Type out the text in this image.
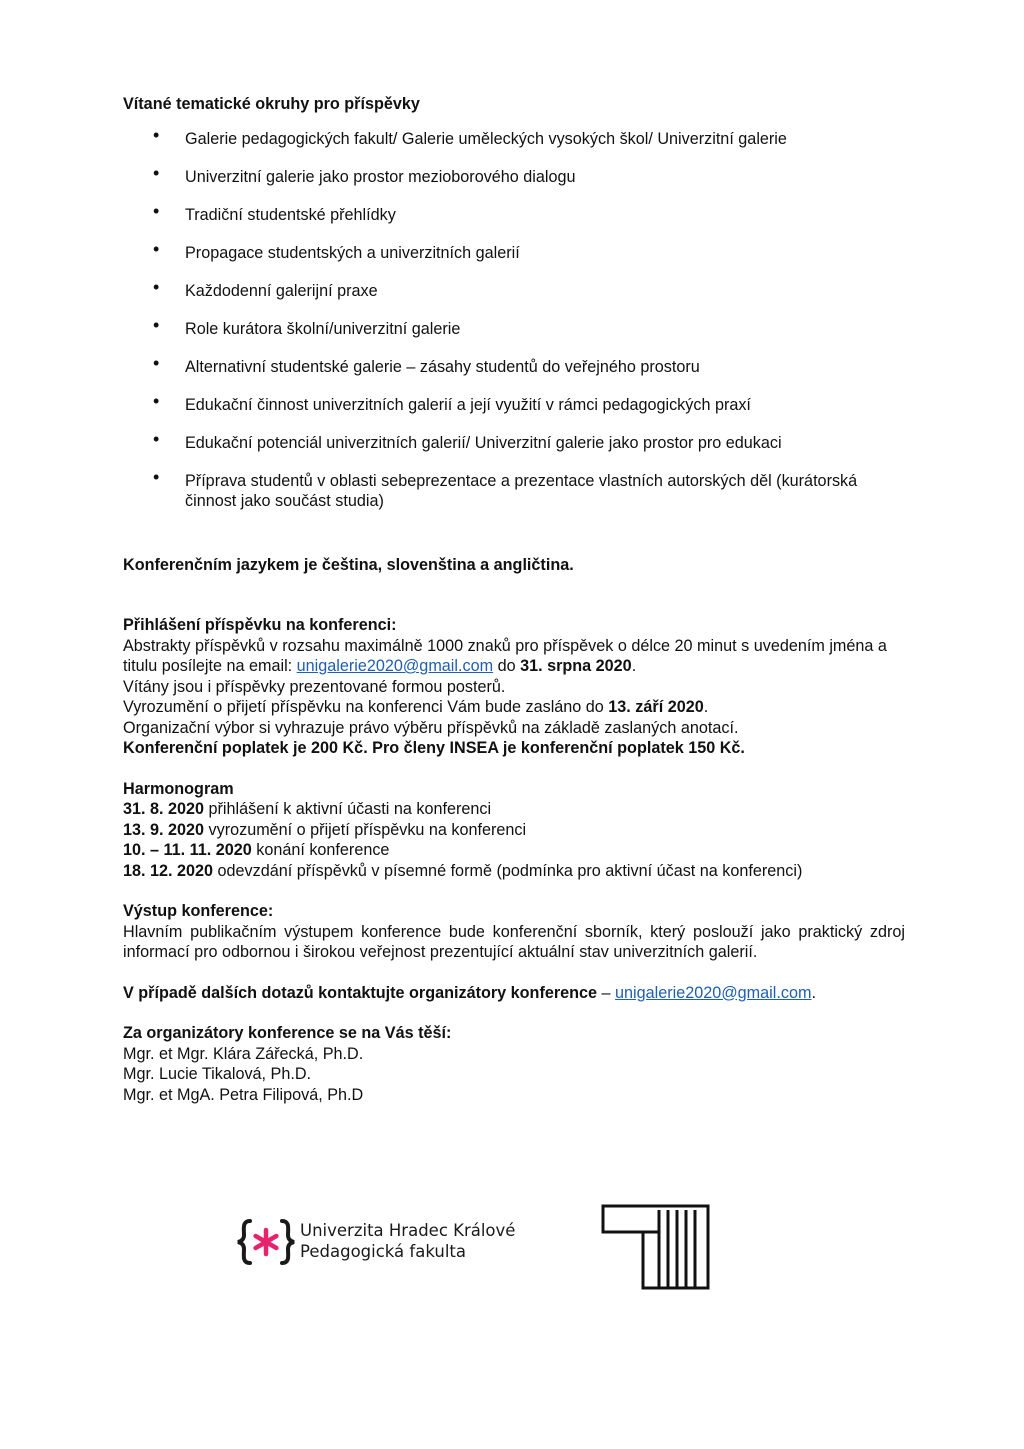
Vítané tematické okruhy pro příspěvky

• Galerie pedagogických fakult/ Galerie uměleckých vysokých škol/ Univerzitní galerie
• Univerzitní galerie jako prostor mezioborového dialogu
• Tradiční studentské přehlídky
• Propagace studentských a univerzitních galerií
• Každodenní galerijní praxe
• Role kurátora školní/univerzitní galerie
• Alternativní studentské galerie – zásahy studentů do veřejného prostoru
• Edukační činnost univerzitních galerií a její využití v rámci pedagogických praxí
• Edukační potenciál univerzitních galerií/ Univerzitní galerie jako prostor pro edukaci
• Příprava studentů v oblasti sebeprezentace a prezentace vlastních autorských děl (kurátorská činnost jako součást studia)

Konferenčním jazykem je čeština, slovenština a angličtina.

Přihlášení příspěvku na konferenci:

Abstrakty příspěvků v rozsahu maximálně 1000 znaků pro příspěvek o délce 20 minut s uvedením jména a titulu posílejte na email: unigalerie2020@gmail.com do 31. srpna 2020.

Vítány jsou i příspěvky prezentované formou posterů.

Vyrozumění o přijetí příspěvku na konferenci Vám bude zasláno do 13. září 2020.

Organizační výbor si vyhrazuje právo výběru příspěvků na základě zaslaných anotací.

Konferenční poplatek je 200 Kč. Pro členy INSEA je konferenční poplatek 150 Kč.

Harmonogram

31. 8. 2020 přihlášení k aktivní účasti na konferenci

13. 9. 2020 vyrozumění o přijetí příspěvku na konferenci

10. – 11. 11. 2020 konání konference

18. 12. 2020 odevzdání příspěvků v písemné formě (podmínka pro aktivní účast na konferenci)

Výstup konference:

Hlavním publikačním výstupem konference bude konferenční sborník, který poslouží jako praktický zdroj informací pro odbornou i širokou veřejnost prezentující aktuální stav univerzitních galerií.

V případě dalších dotazů kontaktujte organizátory konference – unigalerie2020@gmail.com.

Za organizátory konference se na Vás těší:

Mgr. et Mgr. Klára Zářecká, Ph.D.

Mgr. Lucie Tikalová, Ph.D.

Mgr. et MgA. Petra Filipová, Ph.D

Univerzita Hradec Králové
Pedagogická fakulta
